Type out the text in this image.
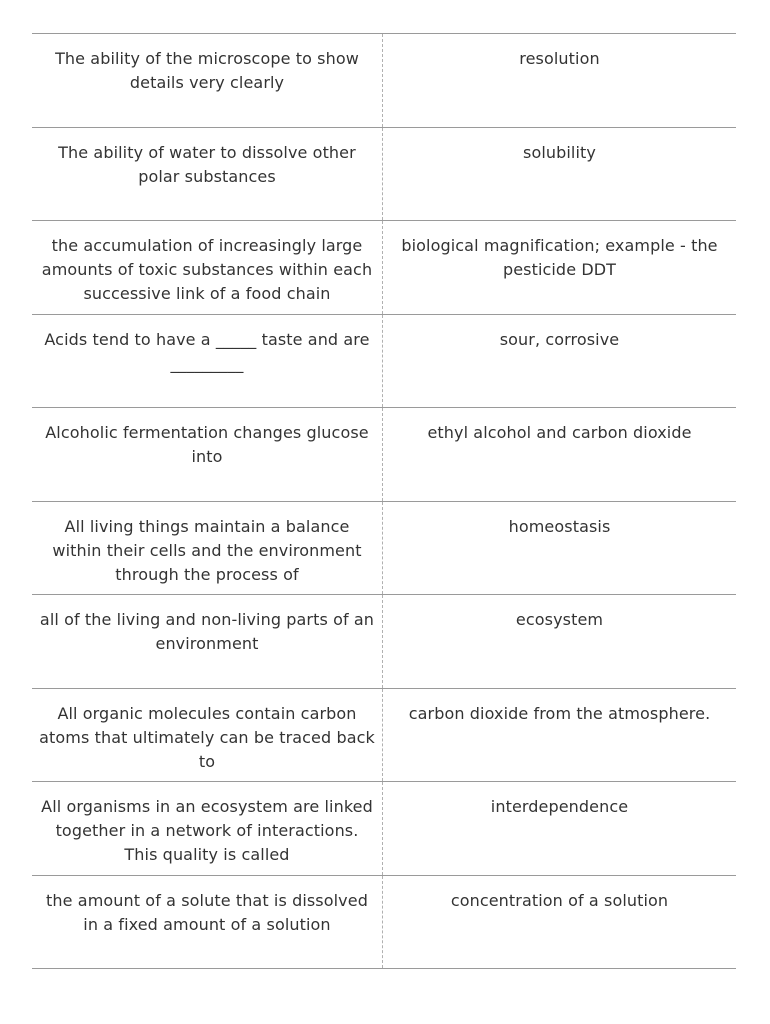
The ability of the microscope to show details very clearly
resolution
The ability of water to dissolve other polar substances
solubility
the accumulation of increasingly large amounts of toxic substances within each successive link of a food chain
biological magnification; example - the pesticide DDT
Acids tend to have a _____ taste and are _________
sour, corrosive
Alcoholic fermentation changes glucose into
ethyl alcohol and carbon dioxide
All living things maintain a balance within their cells and the environment through the process of
homeostasis
all of the living and non-living parts of an environment
ecosystem
All organic molecules contain carbon atoms that ultimately can be traced back to
carbon dioxide from the atmosphere.
All organisms in an ecosystem are linked together in a network of interactions. This quality is called
interdependence
the amount of a solute that is dissolved in a fixed amount of a solution
concentration of a solution
